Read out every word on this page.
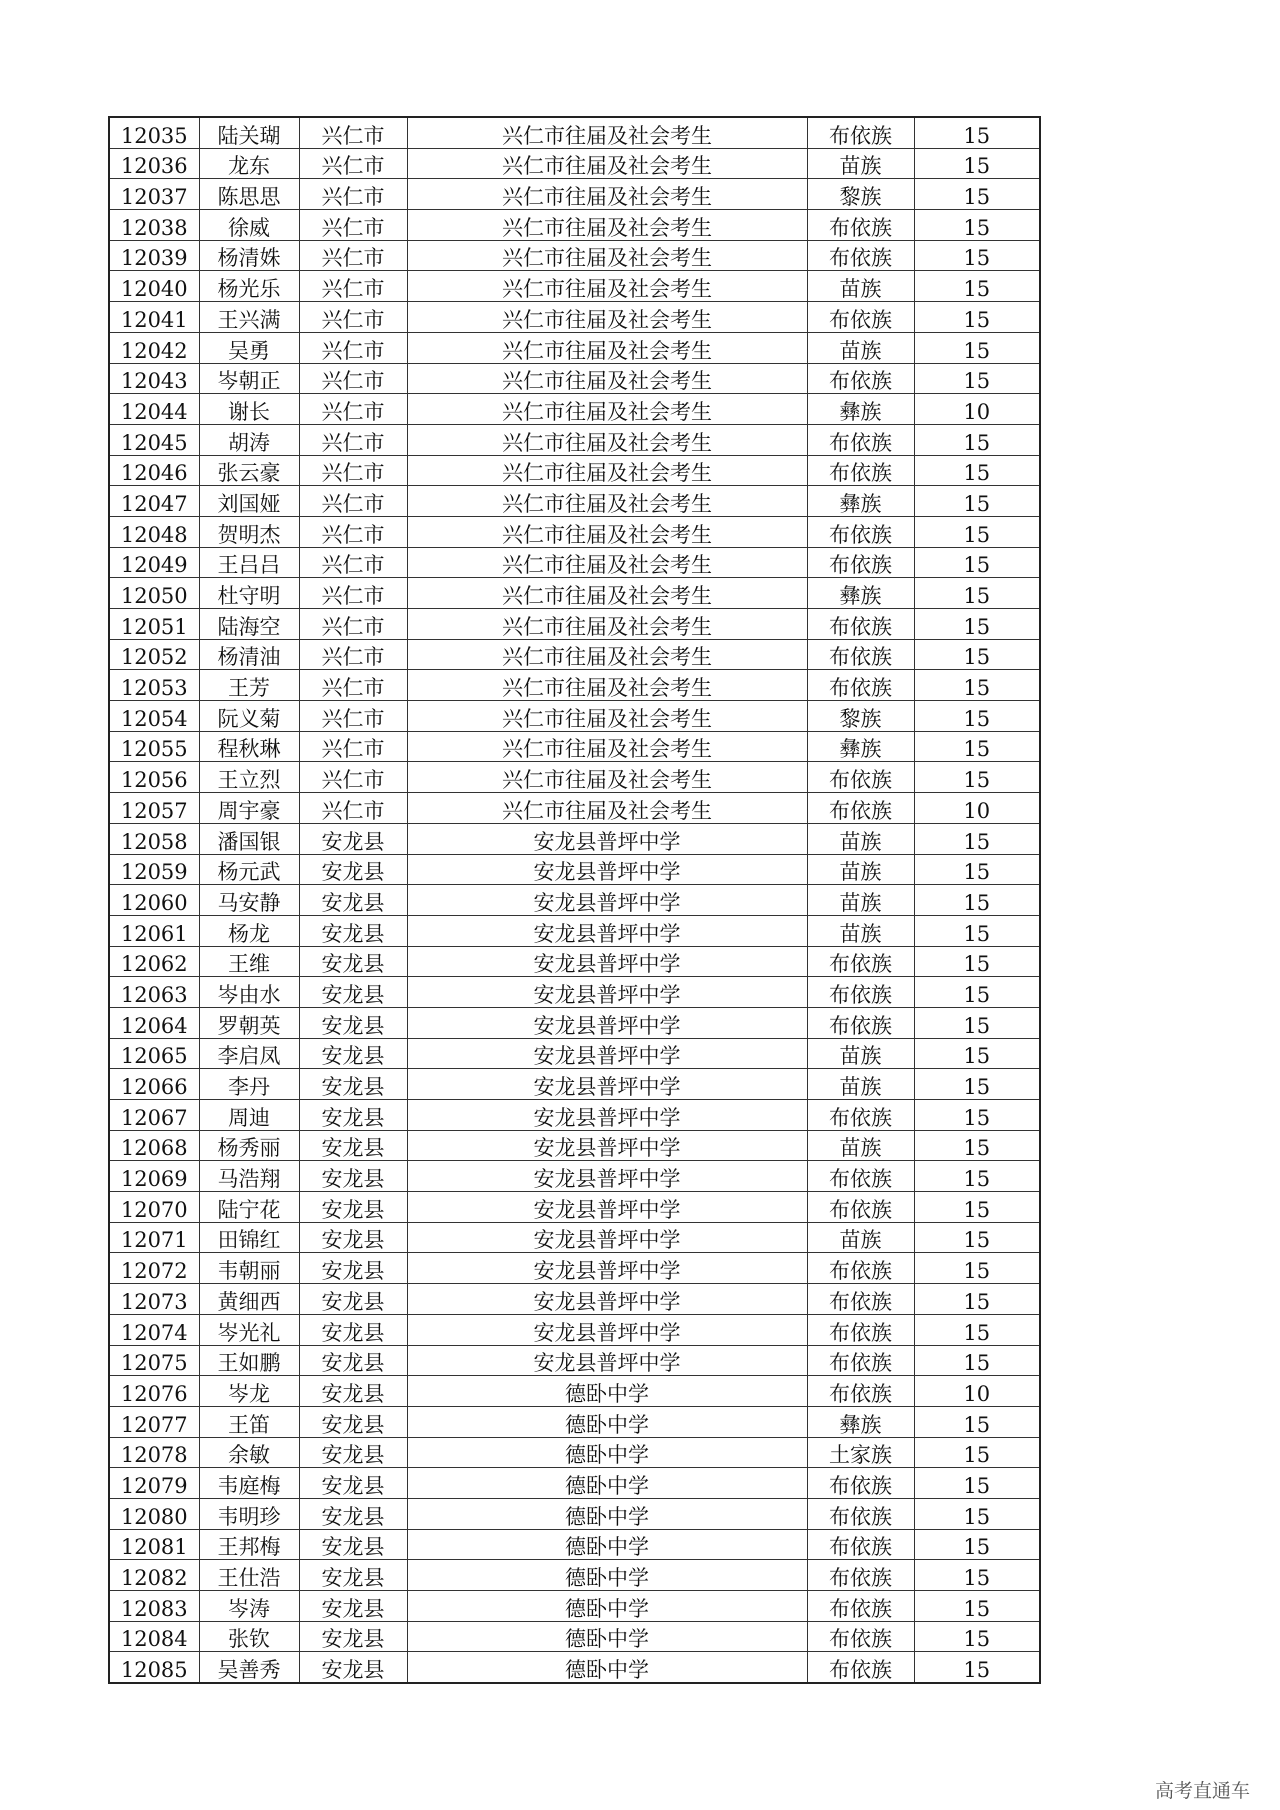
12035	陆关瑚	兴仁市	兴仁市往届及社会考生	布依族	15
12036	龙东	兴仁市	兴仁市往届及社会考生	苗族	15
12037	陈思思	兴仁市	兴仁市往届及社会考生	黎族	15
12038	徐威	兴仁市	兴仁市往届及社会考生	布依族	15
12039	杨清姝	兴仁市	兴仁市往届及社会考生	布依族	15
12040	杨光乐	兴仁市	兴仁市往届及社会考生	苗族	15
12041	王兴满	兴仁市	兴仁市往届及社会考生	布依族	15
12042	吴勇	兴仁市	兴仁市往届及社会考生	苗族	15
12043	岑朝正	兴仁市	兴仁市往届及社会考生	布依族	15
12044	谢长	兴仁市	兴仁市往届及社会考生	彝族	10
12045	胡涛	兴仁市	兴仁市往届及社会考生	布依族	15
12046	张云豪	兴仁市	兴仁市往届及社会考生	布依族	15
12047	刘国娅	兴仁市	兴仁市往届及社会考生	彝族	15
12048	贺明杰	兴仁市	兴仁市往届及社会考生	布依族	15
12049	王吕吕	兴仁市	兴仁市往届及社会考生	布依族	15
12050	杜守明	兴仁市	兴仁市往届及社会考生	彝族	15
12051	陆海空	兴仁市	兴仁市往届及社会考生	布依族	15
12052	杨清油	兴仁市	兴仁市往届及社会考生	布依族	15
12053	王芳	兴仁市	兴仁市往届及社会考生	布依族	15
12054	阮义菊	兴仁市	兴仁市往届及社会考生	黎族	15
12055	程秋琳	兴仁市	兴仁市往届及社会考生	彝族	15
12056	王立烈	兴仁市	兴仁市往届及社会考生	布依族	15
12057	周宇豪	兴仁市	兴仁市往届及社会考生	布依族	10
12058	潘国银	安龙县	安龙县普坪中学	苗族	15
12059	杨元武	安龙县	安龙县普坪中学	苗族	15
12060	马安静	安龙县	安龙县普坪中学	苗族	15
12061	杨龙	安龙县	安龙县普坪中学	苗族	15
12062	王维	安龙县	安龙县普坪中学	布依族	15
12063	岑由水	安龙县	安龙县普坪中学	布依族	15
12064	罗朝英	安龙县	安龙县普坪中学	布依族	15
12065	李启凤	安龙县	安龙县普坪中学	苗族	15
12066	李丹	安龙县	安龙县普坪中学	苗族	15
12067	周迪	安龙县	安龙县普坪中学	布依族	15
12068	杨秀丽	安龙县	安龙县普坪中学	苗族	15
12069	马浩翔	安龙县	安龙县普坪中学	布依族	15
12070	陆宁花	安龙县	安龙县普坪中学	布依族	15
12071	田锦红	安龙县	安龙县普坪中学	苗族	15
12072	韦朝丽	安龙县	安龙县普坪中学	布依族	15
12073	黄细西	安龙县	安龙县普坪中学	布依族	15
12074	岑光礼	安龙县	安龙县普坪中学	布依族	15
12075	王如鹏	安龙县	安龙县普坪中学	布依族	15
12076	岑龙	安龙县	德卧中学	布依族	10
12077	王笛	安龙县	德卧中学	彝族	15
12078	余敏	安龙县	德卧中学	土家族	15
12079	韦庭梅	安龙县	德卧中学	布依族	15
12080	韦明珍	安龙县	德卧中学	布依族	15
12081	王邦梅	安龙县	德卧中学	布依族	15
12082	王仕浩	安龙县	德卧中学	布依族	15
12083	岑涛	安龙县	德卧中学	布依族	15
12084	张钦	安龙县	德卧中学	布依族	15
12085	吴善秀	安龙县	德卧中学	布依族	15
高考直通车
